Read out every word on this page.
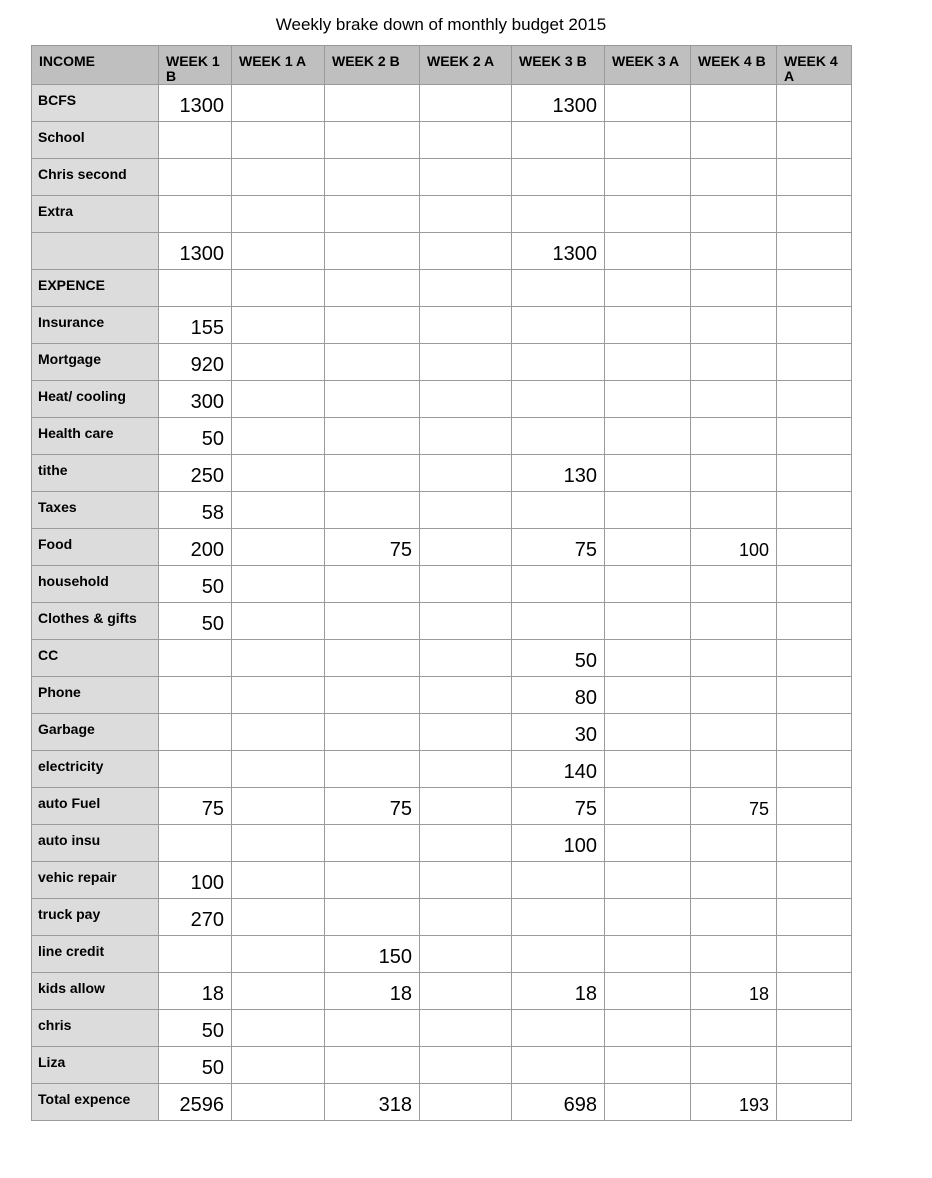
Weekly brake down of monthly budget 2015
INCOME	WEEK 1 B	WEEK 1 A	WEEK 2 B	WEEK 2 A	WEEK 3 B	WEEK 3 A	WEEK 4 B	WEEK 4 A
BCFS	1300				1300			
School								
Chris second								
Extra								
	1300				1300			
EXPENCE								
Insurance	155							
Mortgage	920							
Heat/ cooling	300							
Health care	50							
tithe	250				130			
Taxes	58							
Food	200		75		75		100	
household	50							
Clothes & gifts	50							
CC					50			
Phone					80			
Garbage					30			
electricity					140			
auto Fuel	75		75		75		75	
auto insu					100			
vehic repair	100							
truck pay	270							
line credit			150					
kids allow	18		18		18		18	
chris	50							
Liza	50							
Total expence	2596		318		698		193	
